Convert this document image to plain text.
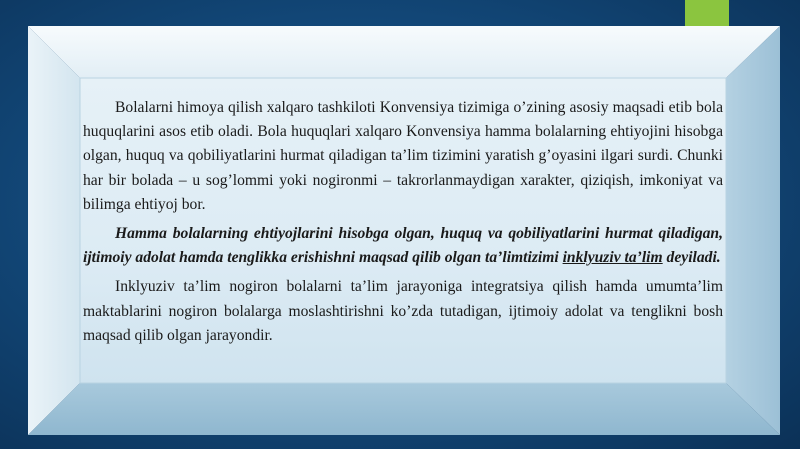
Bolalarni himoya qilish xalqaro tashkiloti Konvensiya tizimiga o’zining asosiy maqsadi etib bola huquqlarini asos etib oladi. Bola huquqlari xalqaro Konvensiya hamma bolalarning ehtiyojini hisobga olgan, huquq va qobiliyatlarini hurmat qiladigan ta’lim tizimini yaratish g’oyasini ilgari surdi. Chunki har bir bolada – u sog’lommi yoki nogironmi – takrorlanmaydigan xarakter, qiziqish, imkoniyat va bilimga ehtiyoj bor.

Hamma bolalarning ehtiyojlarini hisobga olgan, huquq va qobiliyatlarini hurmat qiladigan, ijtimoiy adolat hamda tenglikka erishishni maqsad qilib olgan ta’limtizimi inklyuziv ta’lim deyiladi.

Inklyuziv ta’lim nogiron bolalarni ta’lim jarayoniga integratsiya qilish hamda umumta’lim maktablarini nogiron bolalarga moslashtirishni ko’zda tutadigan, ijtimoiy adolat va tenglikni bosh maqsad qilib olgan jarayondir.
